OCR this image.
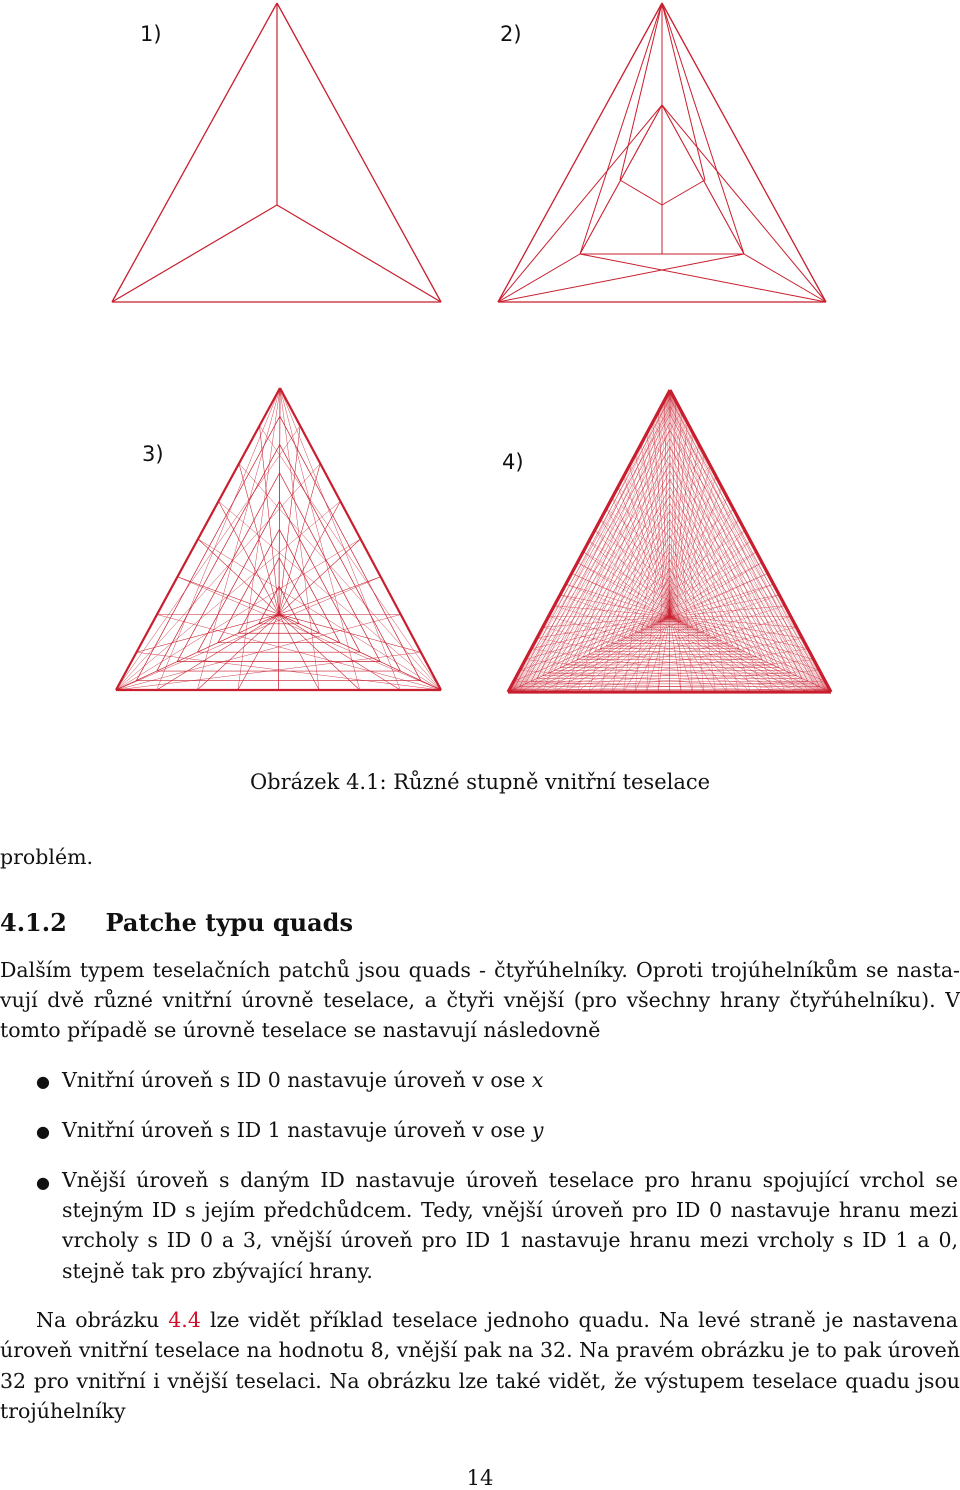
1)	2)
3)	4)
Obrázek 4.1: Různé stupně vnitřní teselace
problém.
4.1.2 Patche typu quads
Dalším typem teselačních patchů jsou quads - čtyřúhelníky. Oproti trojúhelníkům se nasta-
vují dvě různé vnitřní úrovně teselace, a čtyři vnější (pro všechny hrany čtyřúhelníku). V
tomto případě se úrovně teselace se nastavují následovně
● Vnitřní úroveň s ID 0 nastavuje úroveň v ose x
● Vnitřní úroveň s ID 1 nastavuje úroveň v ose y
● Vnější úroveň s daným ID nastavuje úroveň teselace pro hranu spojující vrchol se
stejným ID s jejím předchůdcem. Tedy, vnější úroveň pro ID 0 nastavuje hranu mezi
vrcholy s ID 0 a 3, vnější úroveň pro ID 1 nastavuje hranu mezi vrcholy s ID 1 a 0,
stejně tak pro zbývající hrany.
Na obrázku 4.4 lze vidět příklad teselace jednoho quadu. Na levé straně je nastavena
úroveň vnitřní teselace na hodnotu 8, vnější pak na 32. Na pravém obrázku je to pak úroveň
32 pro vnitřní i vnější teselaci. Na obrázku lze také vidět, že výstupem teselace quadu jsou
trojúhelníky
14
